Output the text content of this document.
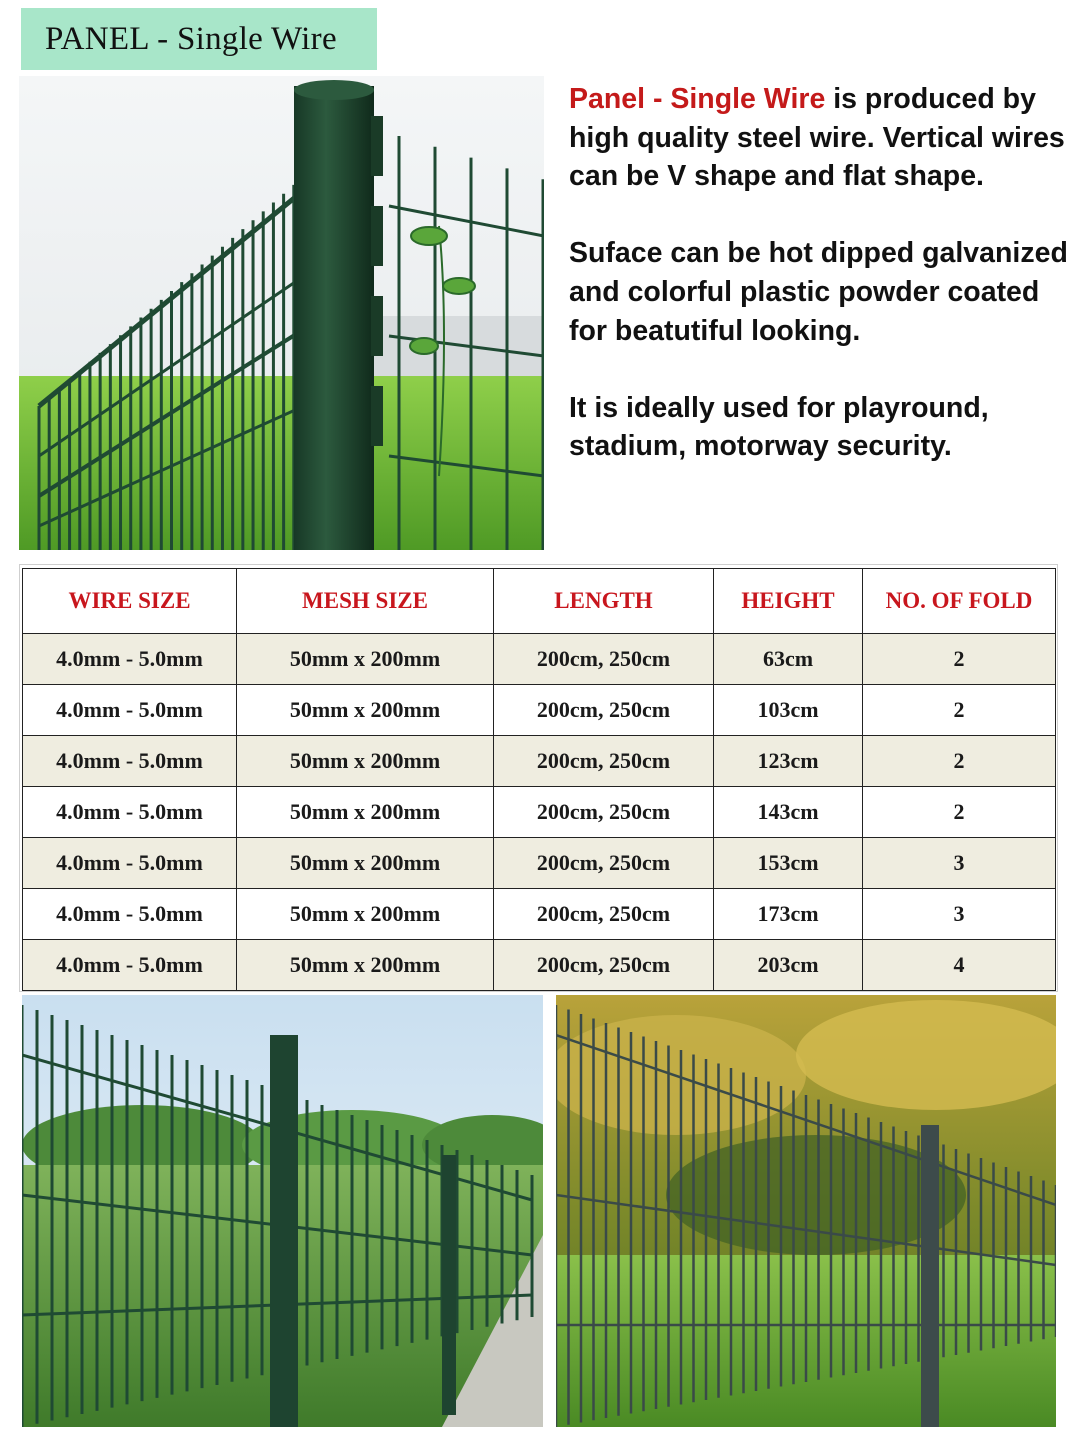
PANEL - Single Wire

Panel - Single Wire is produced by high quality steel wire. Vertical wires can be V shape and flat shape.

Suface can be hot dipped galvanized and colorful plastic powder coated for beatutiful looking.

It is ideally used for playround, stadium, motorway security.

WIRE SIZE	MESH SIZE	LENGTH	HEIGHT	NO. OF FOLD
4.0mm - 5.0mm	50mm x 200mm	200cm, 250cm	63cm	2
4.0mm - 5.0mm	50mm x 200mm	200cm, 250cm	103cm	2
4.0mm - 5.0mm	50mm x 200mm	200cm, 250cm	123cm	2
4.0mm - 5.0mm	50mm x 200mm	200cm, 250cm	143cm	2
4.0mm - 5.0mm	50mm x 200mm	200cm, 250cm	153cm	3
4.0mm - 5.0mm	50mm x 200mm	200cm, 250cm	173cm	3
4.0mm - 5.0mm	50mm x 200mm	200cm, 250cm	203cm	4
